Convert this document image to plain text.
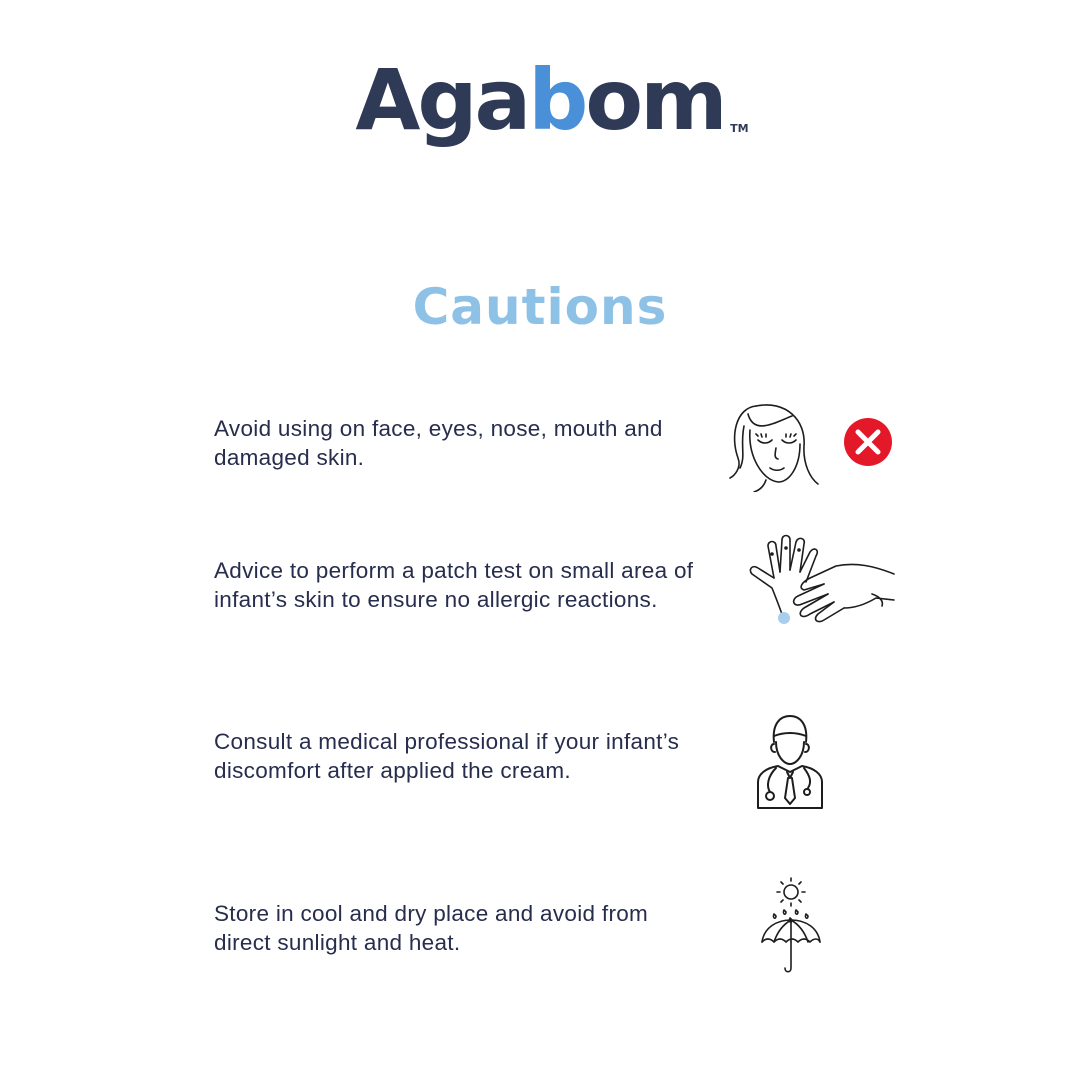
Agabom TM
Cautions
Avoid using on face, eyes, nose, mouth and damaged skin.
Advice to perform a patch test on small area of infant’s skin to ensure no allergic reactions.
Consult a medical professional if your infant’s discomfort after applied the cream.
Store in cool and dry place and avoid from direct sunlight and heat.
